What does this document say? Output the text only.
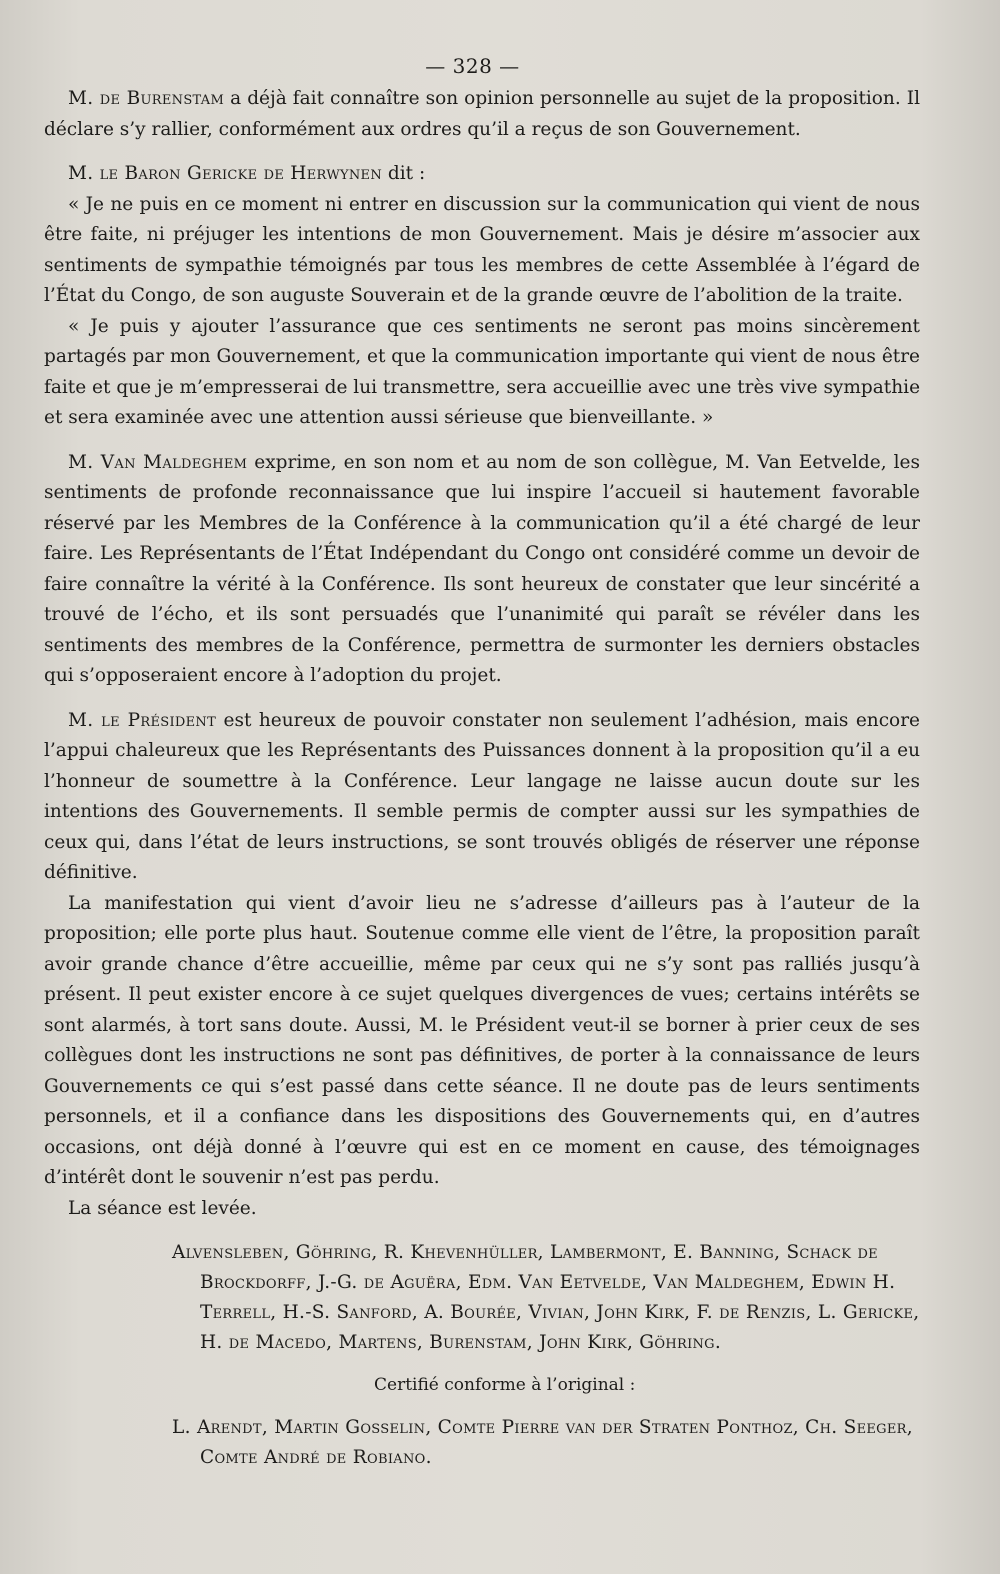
— 328 —

M. de Burenstam a déjà fait connaître son opinion personnelle au sujet de la proposition. Il déclare s’y rallier, conformément aux ordres qu’il a reçus de son Gouvernement.

M. le Baron Gericke de Herwynen dit :

« Je ne puis en ce moment ni entrer en discussion sur la communication qui vient de nous être faite, ni préjuger les intentions de mon Gouvernement. Mais je désire m’associer aux sentiments de sympathie témoignés par tous les membres de cette Assemblée à l’égard de l’État du Congo, de son auguste Souverain et de la grande œuvre de l’abolition de la traite.

« Je puis y ajouter l’assurance que ces sentiments ne seront pas moins sincèrement partagés par mon Gouvernement, et que la communication importante qui vient de nous être faite et que je m’empresserai de lui transmettre, sera accueillie avec une très vive sympathie et sera examinée avec une attention aussi sérieuse que bienveillante. »

M. Van Maldeghem exprime, en son nom et au nom de son collègue, M. Van Eetvelde, les sentiments de profonde reconnaissance que lui inspire l’accueil si hautement favorable réservé par les Membres de la Conférence à la communication qu’il a été chargé de leur faire. Les Représentants de l’État Indépendant du Congo ont considéré comme un devoir de faire connaître la vérité à la Conférence. Ils sont heureux de constater que leur sincérité a trouvé de l’écho, et ils sont persuadés que l’unanimité qui paraît se révéler dans les sentiments des membres de la Conférence, permettra de surmonter les derniers obstacles qui s’opposeraient encore à l’adoption du projet.

M. le Président est heureux de pouvoir constater non seulement l’adhésion, mais encore l’appui chaleureux que les Représentants des Puissances donnent à la proposition qu’il a eu l’honneur de soumettre à la Conférence. Leur langage ne laisse aucun doute sur les intentions des Gouvernements. Il semble permis de compter aussi sur les sympathies de ceux qui, dans l’état de leurs instructions, se sont trouvés obligés de réserver une réponse définitive.

La manifestation qui vient d’avoir lieu ne s’adresse d’ailleurs pas à l’auteur de la proposition; elle porte plus haut. Soutenue comme elle vient de l’être, la proposition paraît avoir grande chance d’être accueillie, même par ceux qui ne s’y sont pas ralliés jusqu’à présent. Il peut exister encore à ce sujet quelques divergences de vues; certains intérêts se sont alarmés, à tort sans doute. Aussi, M. le Président veut-il se borner à prier ceux de ses collègues dont les instructions ne sont pas définitives, de porter à la connaissance de leurs Gouvernements ce qui s’est passé dans cette séance. Il ne doute pas de leurs sentiments personnels, et il a confiance dans les dispositions des Gouvernements qui, en d’autres occasions, ont déjà donné à l’œuvre qui est en ce moment en cause, des témoignages d’intérêt dont le souvenir n’est pas perdu.

La séance est levée.

Alvensleben, Göhring, R. Khevenhüller, Lambermont, E. Banning, Schack de Brockdorff, J.-G. de Aguëra, Edm. Van Eetvelde, Van Maldeghem, Edwin H. Terrell, H.-S. Sanford, A. Bourée, Vivian, John Kirk, F. de Renzis, L. Gericke, H. de Macedo, Martens, Burenstam, John Kirk, Göhring.
Certifié conforme à l’original :
L. Arendt, Martin Gosselin, Comte Pierre van der Straten Ponthoz, Ch. Seeger, Comte André de Robiano.
